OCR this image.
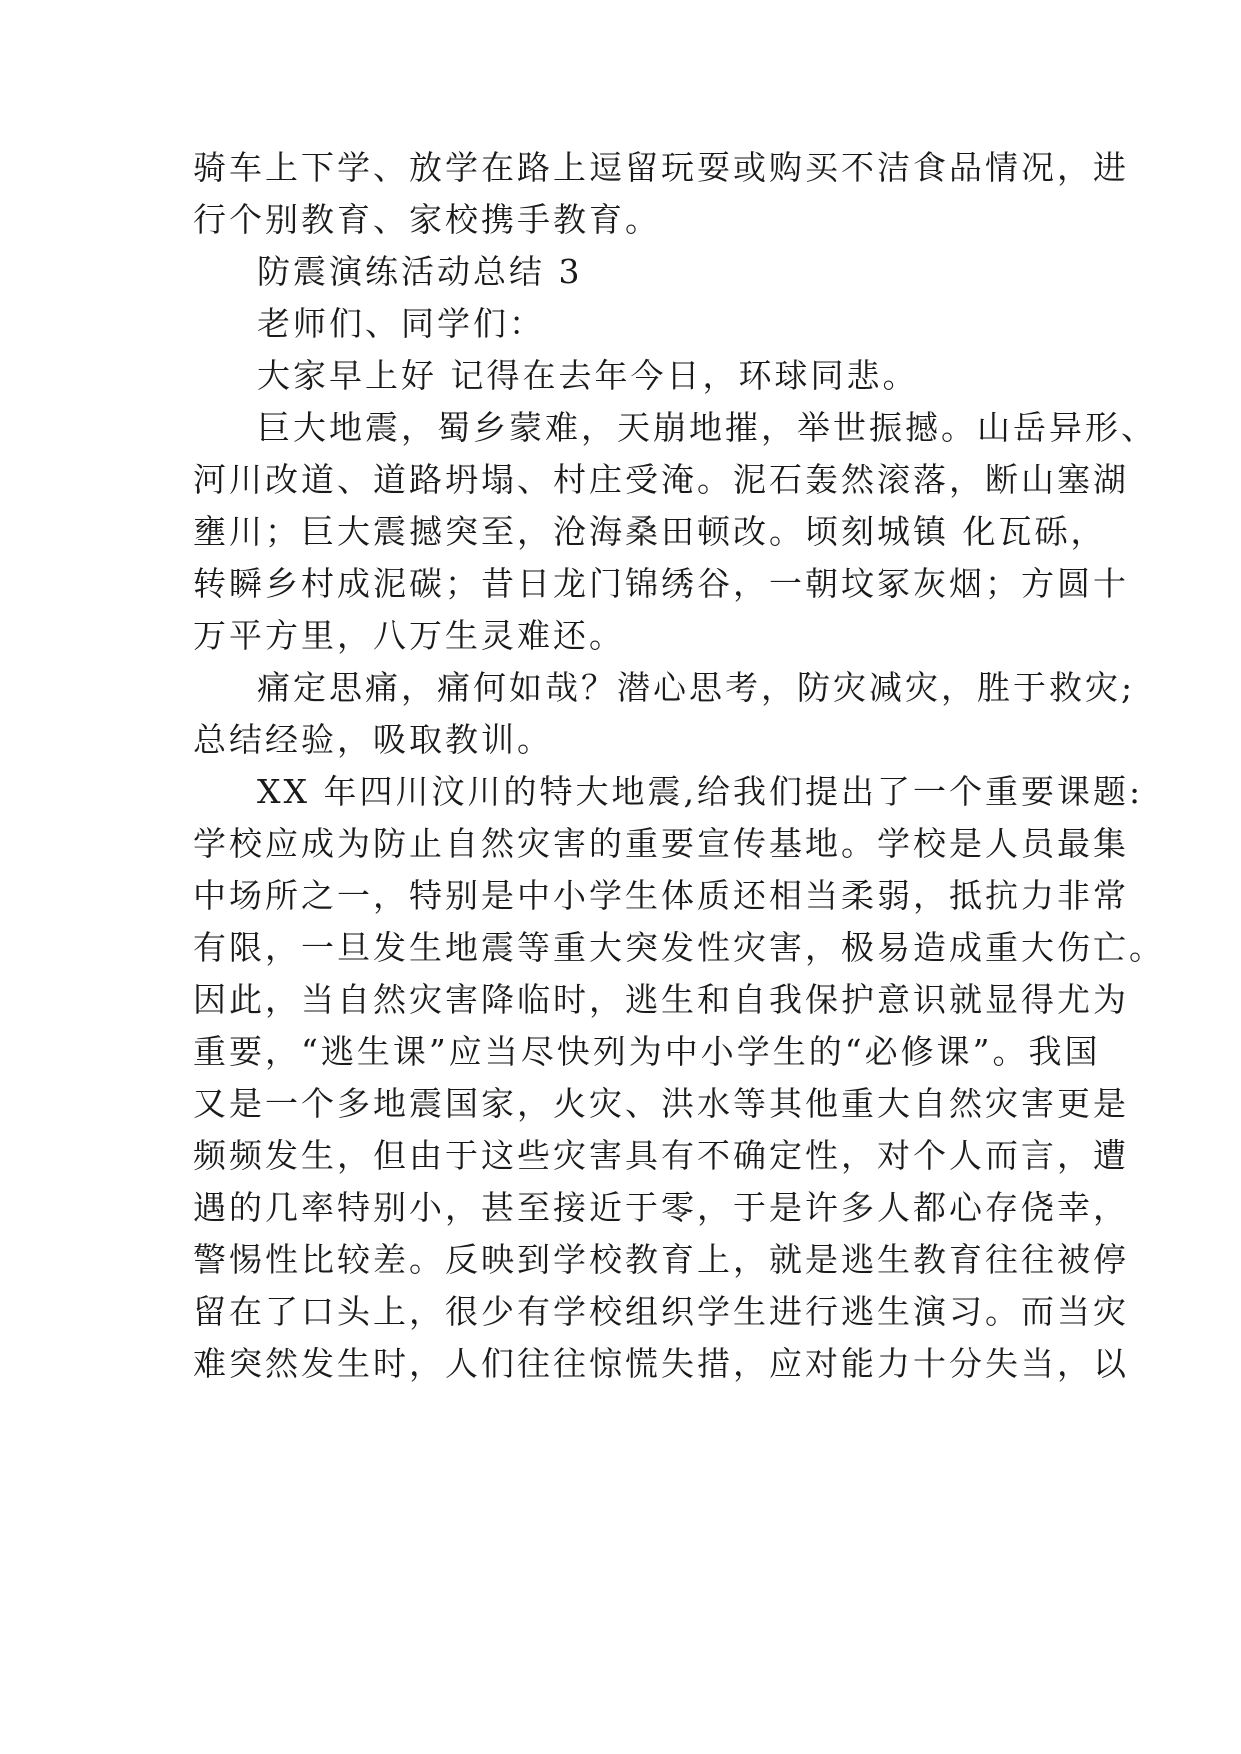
骑车上下学、放学在路上逗留玩耍或购买不洁食品情况，进
行个别教育、家校携手教育。
防震演练活动总结 3
老师们、同学们：
大家早上好 记得在去年今日，环球同悲。
巨大地震，蜀乡蒙难，天崩地摧，举世振撼。山岳异形、
河川改道、道路坍塌、村庄受淹。泥石轰然滚落，断山塞湖
壅川；巨大震撼突至，沧海桑田顿改。顷刻城镇 化瓦砾，
转瞬乡村成泥碳；昔日龙门锦绣谷，一朝坟冢灰烟；方圆十
万平方里，八万生灵难还。
痛定思痛，痛何如哉？潜心思考，防灾减灾，胜于救灾;
总结经验，吸取教训。
XX 年四川汶川的特大地震,给我们提出了一个重要课题:
学校应成为防止自然灾害的重要宣传基地。学校是人员最集
中场所之一，特别是中小学生体质还相当柔弱，抵抗力非常
有限，一旦发生地震等重大突发性灾害，极易造成重大伤亡。
因此，当自然灾害降临时，逃生和自我保护意识就显得尤为
重要，“逃生课”应当尽快列为中小学生的“必修课”。我国
又是一个多地震国家，火灾、洪水等其他重大自然灾害更是
频频发生，但由于这些灾害具有不确定性，对个人而言，遭
遇的几率特别小，甚至接近于零，于是许多人都心存侥幸，
警惕性比较差。反映到学校教育上，就是逃生教育往往被停
留在了口头上，很少有学校组织学生进行逃生演习。而当灾
难突然发生时，人们往往惊慌失措，应对能力十分失当，以
